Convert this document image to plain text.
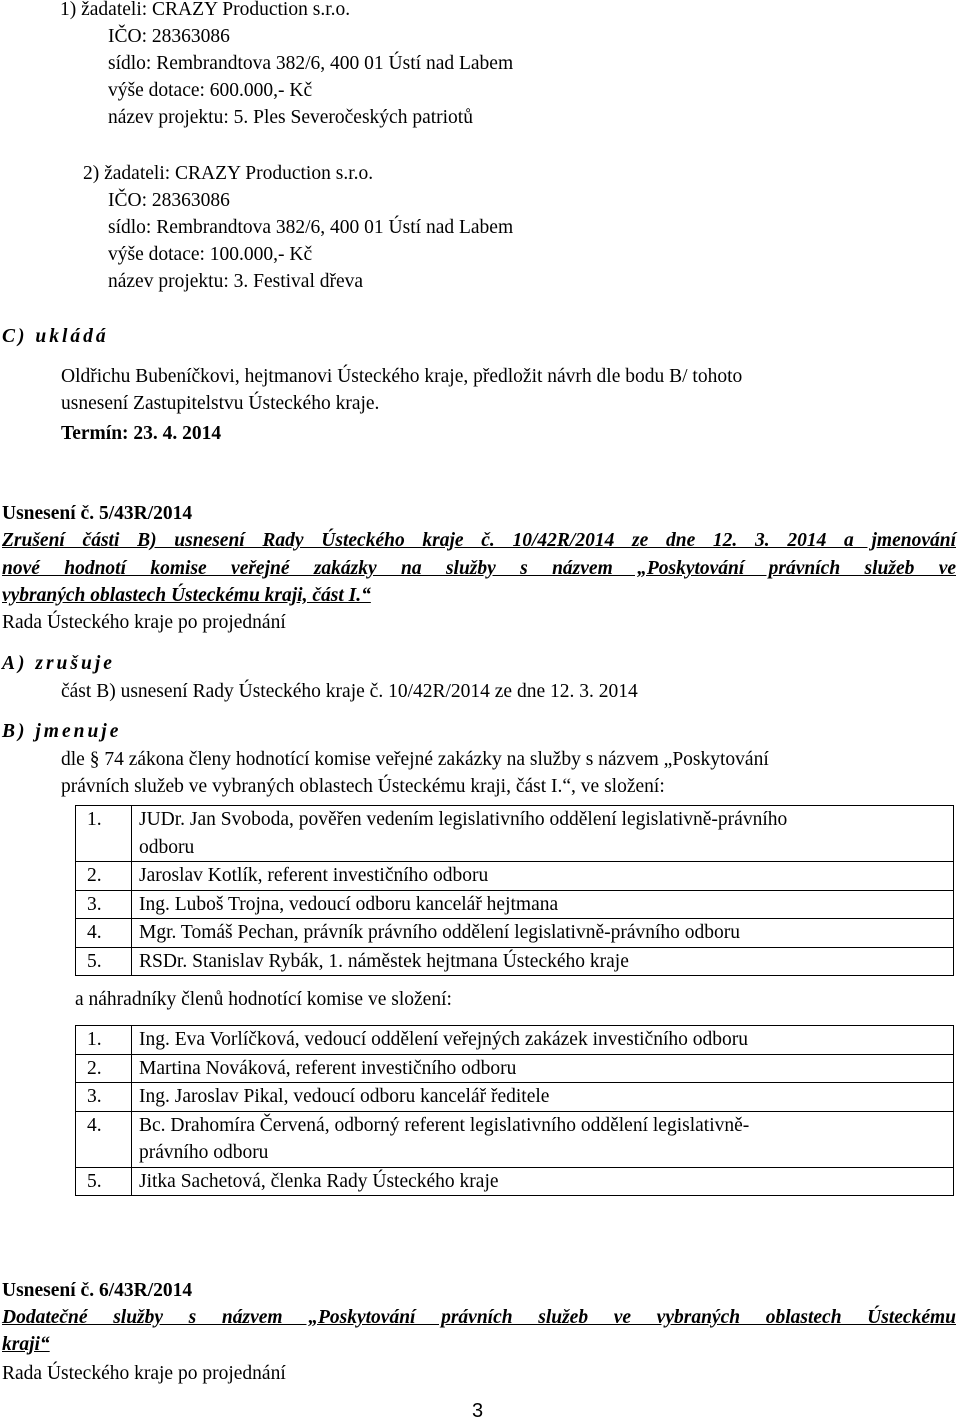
1) žadateli: CRAZY Production s.r.o.
IČO: 28363086
sídlo: Rembrandtova 382/6, 400 01 Ústí nad Labem
výše dotace: 600.000,- Kč
název projektu: 5. Ples Severočeských patriotů
2) žadateli: CRAZY Production s.r.o.
IČO: 28363086
sídlo: Rembrandtova 382/6, 400 01 Ústí nad Labem
výše dotace: 100.000,- Kč
název projektu: 3. Festival dřeva
C) ukládá
Oldřichu Bubeníčkovi, hejtmanovi Ústeckého kraje, předložit návrh dle bodu B/ tohoto
usnesení Zastupitelstvu Ústeckého kraje.
Termín: 23. 4. 2014
Usnesení č. 5/43R/2014
Zrušení části B) usnesení Rady Ústeckého kraje č. 10/42R/2014 ze dne 12. 3. 2014 a jmenování
nové hodnotí komise veřejné zakázky na služby s názvem „Poskytování právních služeb ve
vybraných oblastech Ústeckému kraji, část I.“
Rada Ústeckého kraje po projednání
A) zrušuje
část B) usnesení Rady Ústeckého kraje č. 10/42R/2014 ze dne 12. 3. 2014
B) jmenuje
dle § 74 zákona členy hodnotící komise veřejné zakázky na služby s názvem „Poskytování
právních služeb ve vybraných oblastech Ústeckému kraji, část I.“, ve složení:
1.	JUDr. Jan Svoboda, pověřen vedením legislativního oddělení legislativně-právního
odboru
2.	Jaroslav Kotlík, referent investičního odboru
3.	Ing. Luboš Trojna, vedoucí odboru kancelář hejtmana
4.	Mgr. Tomáš Pechan, právník právního oddělení legislativně-právního odboru
5.	RSDr. Stanislav Rybák, 1. náměstek hejtmana Ústeckého kraje
a náhradníky členů hodnotící komise ve složení:
1.	Ing. Eva Vorlíčková, vedoucí oddělení veřejných zakázek investičního odboru
2.	Martina Nováková, referent investičního odboru
3.	Ing. Jaroslav Pikal, vedoucí odboru kancelář ředitele
4.	Bc. Drahomíra Červená, odborný referent legislativního oddělení legislativně-
právního odboru
5.	Jitka Sachetová, členka Rady Ústeckého kraje
Usnesení č. 6/43R/2014
Dodatečné služby s názvem „Poskytování právních služeb ve vybraných oblastech Ústeckému
kraji“
Rada Ústeckého kraje po projednání
3
